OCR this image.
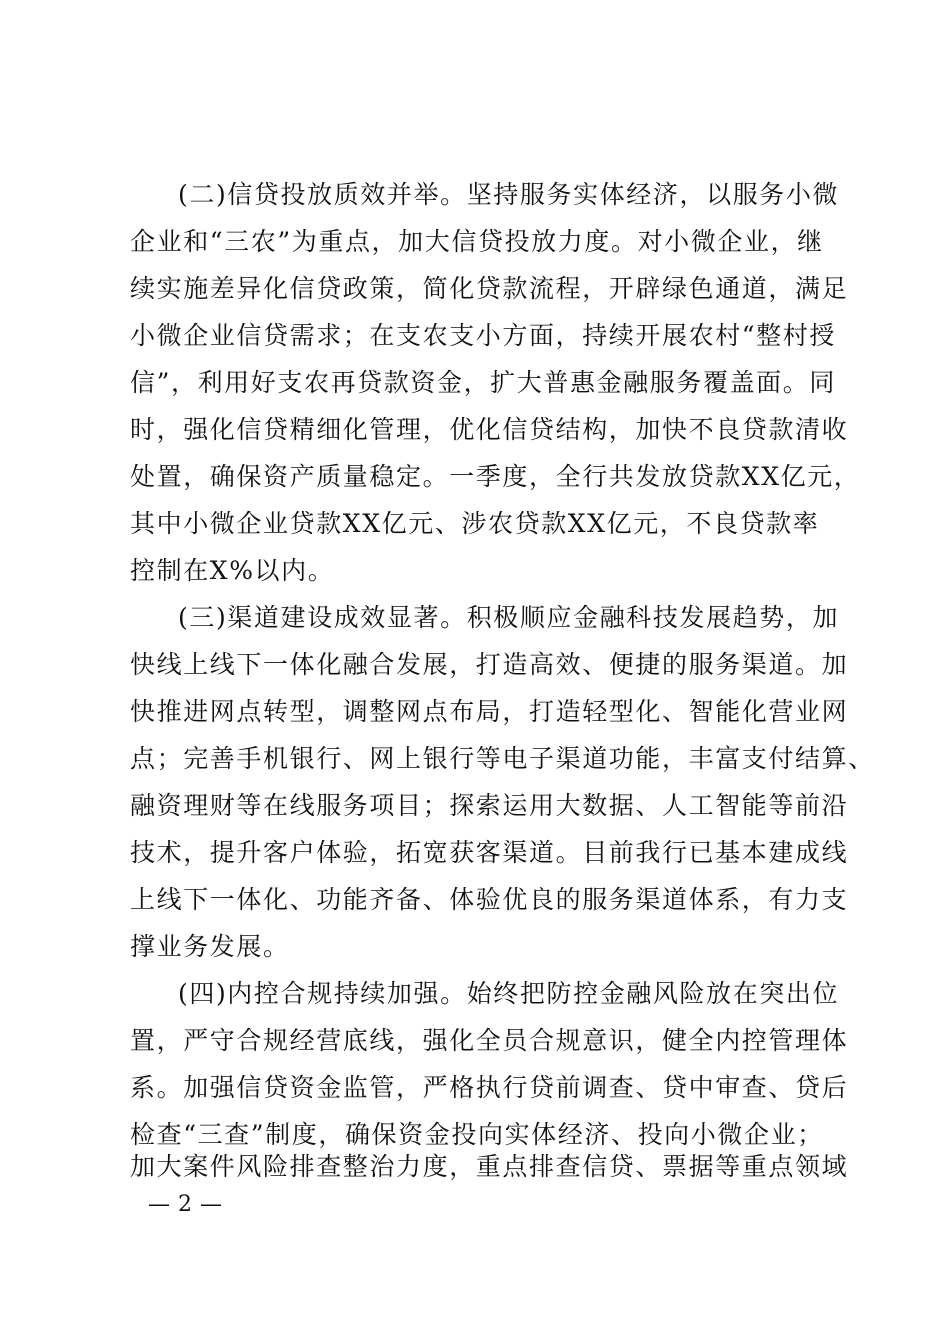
(二)信贷投放质效并举。坚持服务实体经济，以服务小微
企业和“三农”为重点，加大信贷投放力度。对小微企业，继
续实施差异化信贷政策，简化贷款流程，开辟绿色通道，满足
小微企业信贷需求；在支农支小方面，持续开展农村“整村授
信”，利用好支农再贷款资金，扩大普惠金融服务覆盖面。同
时，强化信贷精细化管理，优化信贷结构，加快不良贷款清收
处置，确保资产质量稳定。一季度，全行共发放贷款XX亿元，
其中小微企业贷款XX亿元、涉农贷款XX亿元，不良贷款率
控制在X%以内。
(三)渠道建设成效显著。积极顺应金融科技发展趋势，加
快线上线下一体化融合发展，打造高效、便捷的服务渠道。加
快推进网点转型，调整网点布局，打造轻型化、智能化营业网
点；完善手机银行、网上银行等电子渠道功能，丰富支付结算、
融资理财等在线服务项目；探索运用大数据、人工智能等前沿
技术，提升客户体验，拓宽获客渠道。目前我行已基本建成线
上线下一体化、功能齐备、体验优良的服务渠道体系，有力支
撑业务发展。
(四)内控合规持续加强。始终把防控金融风险放在突出位
置，严守合规经营底线，强化全员合规意识，健全内控管理体
系。加强信贷资金监管，严格执行贷前调查、贷中审查、贷后
检查“三查”制度，确保资金投向实体经济、投向小微企业；
加大案件风险排查整治力度，重点排查信贷、票据等重点领域
— 2 —
